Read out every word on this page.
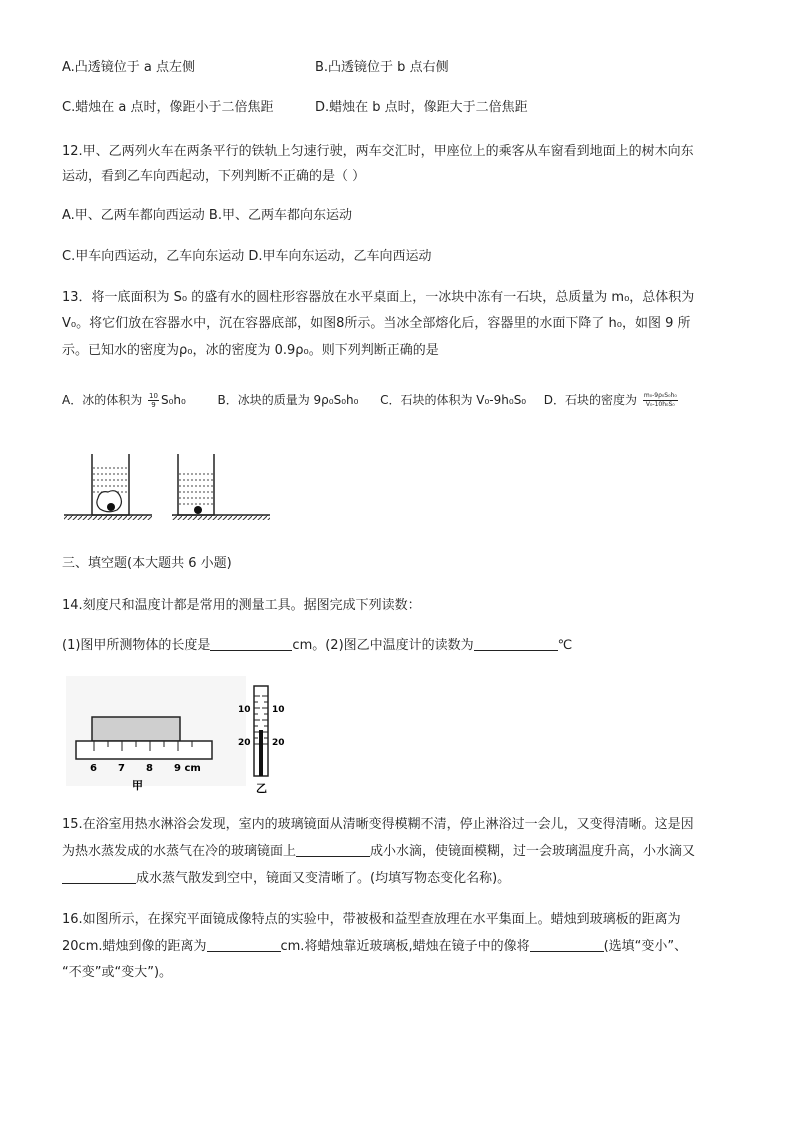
A.凸透镜位于 a 点左侧	B.凸透镜位于 b 点右侧
C.蜡烛在 a 点时，像距小于二倍焦距	D.蜡烛在 b 点时，像距大于二倍焦距
12.甲、乙两列火车在两条平行的铁轨上匀速行驶，两车交汇时，甲座位上的乘客从车窗看到地面上的树木向东
运动，看到乙车向西起动，下列判断不正确的是（ ）
A.甲、乙两车都向西运动 B.甲、乙两车都向东运动
C.甲车向西运动，乙车向东运动 D.甲车向东运动，乙车向西运动
13．将一底面积为 S₀ 的盛有水的圆柱形容器放在水平桌面上，一冰块中冻有一石块，总质量为 m₀，总体积为
V₀。将它们放在容器水中，沉在容器底部，如图8所示。当冰全部熔化后，容器里的水面下降了 h₀，如图 9 所
示。已知水的密度为ρ₀，冰的密度为 0.9ρ₀。则下列判断正确的是
A．冰的体积为 $\frac{10}{9} S_0h_0$	B．冰块的质量为 9ρ₀S₀h₀ C．石块的体积为 V₀-9h₀S₀ D．石块的密度为 $\frac{\text{m₀-9ρ₀S₀h₀}}{\text{V₀-10h₀S₀}}$
三、填空题(本大题共 6 小题)
14.刻度尺和温度计都是常用的测量工具。据图完成下列读数：
(1)图甲所测物体的长度是	cm。(2)图乙中温度计的读数为	℃
6 7 8 9 cm
甲
10 10
20 20
乙
15.在浴室用热水淋浴会发现，室内的玻璃镜面从清晰变得模糊不清，停止淋浴过一会儿，又变得清晰。这是因
为热水蒸发成的水蒸气在冷的玻璃镜面上	成小水滴，使镜面模糊，过一会玻璃温度升高，小水滴又
成水蒸气散发到空中，镜面又变清晰了。(均填写物态变化名称)。
16.如图所示，在探究平面镜成像特点的实验中，带被极和益型查放理在水平集面上。蜡烛到玻璃板的距离为
20cm.蜡烛到像的距离为	cm.将蜡烛靠近玻璃板,蜡烛在镜子中的像将	(选填“变小”、
“不变”或“变大”)。
